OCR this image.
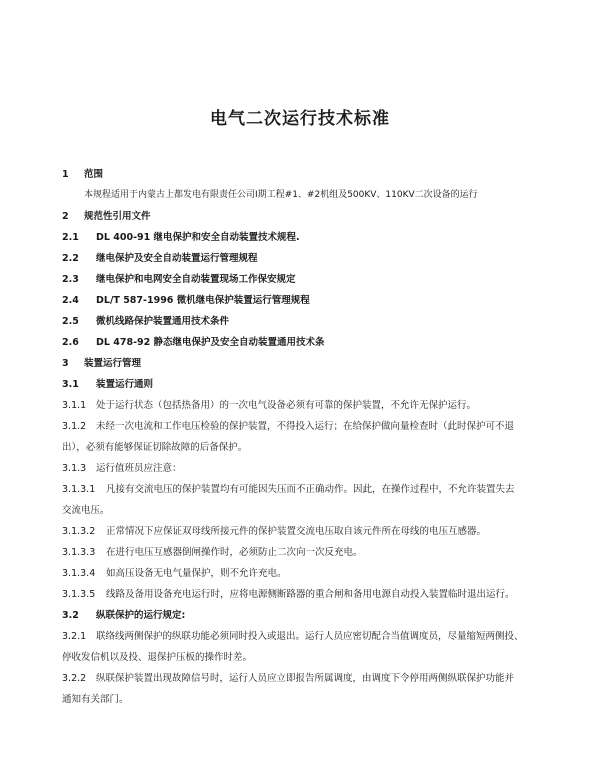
电气二次运行技术标准
1 范围
本规程适用于内蒙古上都发电有限责任公司Ⅰ期工程#1、#2机组及500KV、110KV二次设备的运行
2 规范性引用文件
2.1 DL 400-91 继电保护和安全自动装置技术规程.
2.2 继电保护及安全自动装置运行管理规程
2.3 继电保护和电网安全自动装置现场工作保安规定
2.4 DL/T 587-1996 微机继电保护装置运行管理规程
2.5 微机线路保护装置通用技术条件
2.6 DL 478-92 静态继电保护及安全自动装置通用技术条
3 装置运行管理
3.1 装置运行通则
3.1.1 处于运行状态（包括热备用）的一次电气设备必须有可靠的保护装置，不允许无保护运行。
3.1.2 未经一次电流和工作电压检验的保护装置，不得投入运行；在给保护做向量检查时（此时保护可不退
出），必须有能够保证切除故障的后备保护。
3.1.3 运行值班员应注意：
3.1.3.1 凡接有交流电压的保护装置均有可能因失压而不正确动作。因此，在操作过程中，不允许装置失去
交流电压。
3.1.3.2 正常情况下应保证双母线所接元件的保护装置交流电压取自该元件所在母线的电压互感器。
3.1.3.3 在进行电压互感器倒闸操作时，必须防止二次向一次反充电。
3.1.3.4 如高压设备无电气量保护，则不允许充电。
3.1.3.5 线路及备用设备充电运行时，应将电源侧断路器的重合闸和备用电源自动投入装置临时退出运行。
3.2 纵联保护的运行规定:
3.2.1 联络线两侧保护的纵联功能必须同时投入或退出。运行人员应密切配合当值调度员，尽量缩短两侧投、
停收发信机以及投、退保护压板的操作时差。
3.2.2 纵联保护装置出现故障信号时，运行人员应立即报告所属调度，由调度下令停用两侧纵联保护功能并
通知有关部门。
